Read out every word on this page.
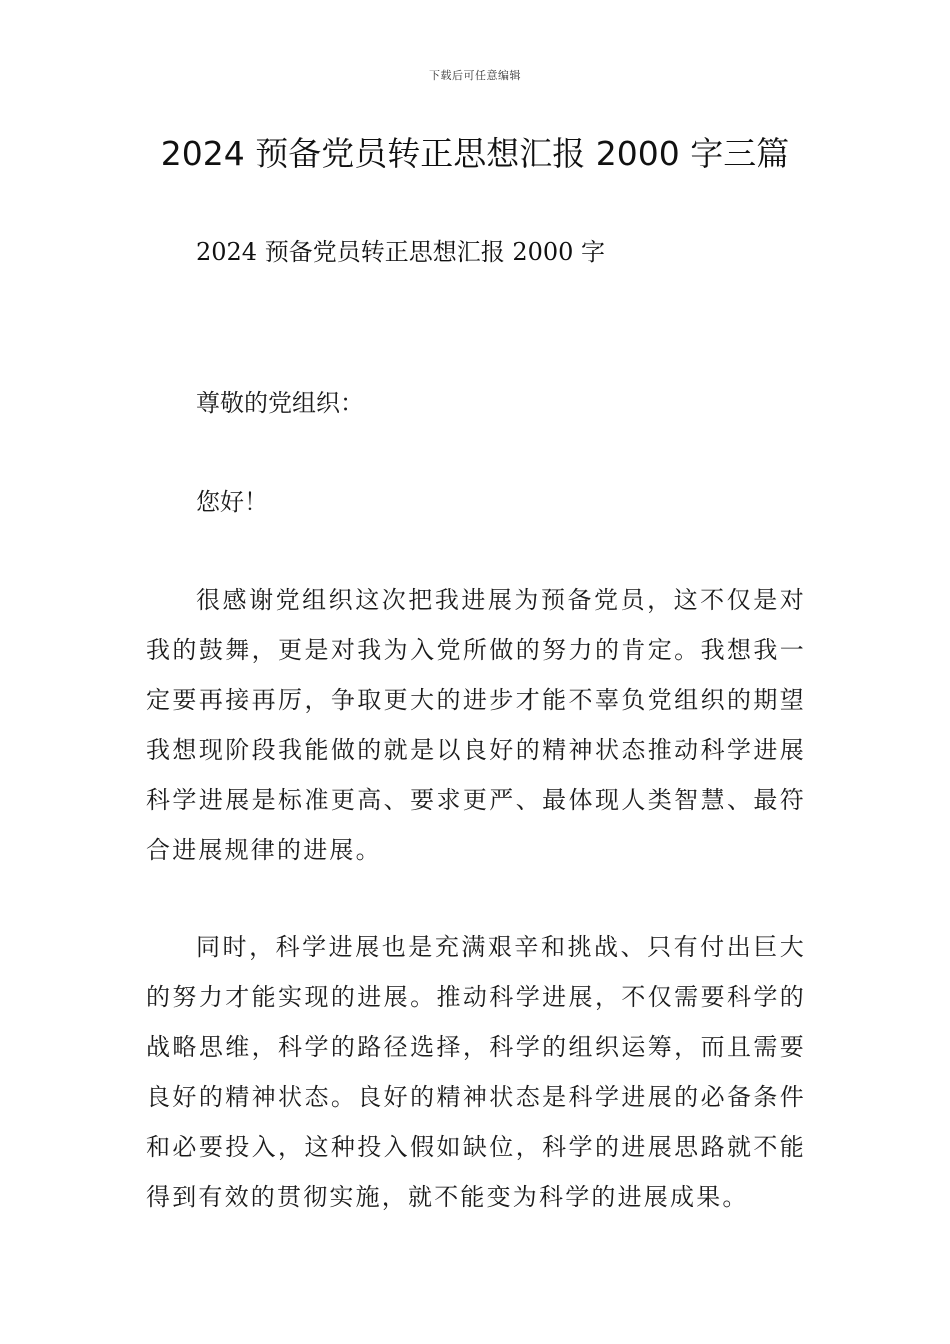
下载后可任意编辑
2024 预备党员转正思想汇报 2000 字三篇
2024 预备党员转正思想汇报 2000 字
尊敬的党组织：
您好！

很感谢党组织这次把我进展为预备党员，这不仅是对我的鼓舞，更是对我为入党所做的努力的肯定。我想我一定要再接再厉，争取更大的进步才能不辜负党组织的期望我想现阶段我能做的就是以良好的精神状态推动科学进展科学进展是标准更高、要求更严、最体现人类智慧、最符合进展规律的进展。

同时，科学进展也是充满艰辛和挑战、只有付出巨大的努力才能实现的进展。推动科学进展，不仅需要科学的战略思维，科学的路径选择，科学的组织运筹，而且需要良好的精神状态。良好的精神状态是科学进展的必备条件和必要投入，这种投入假如缺位，科学的进展思路就不能得到有效的贯彻实施，就不能变为科学的进展成果。
